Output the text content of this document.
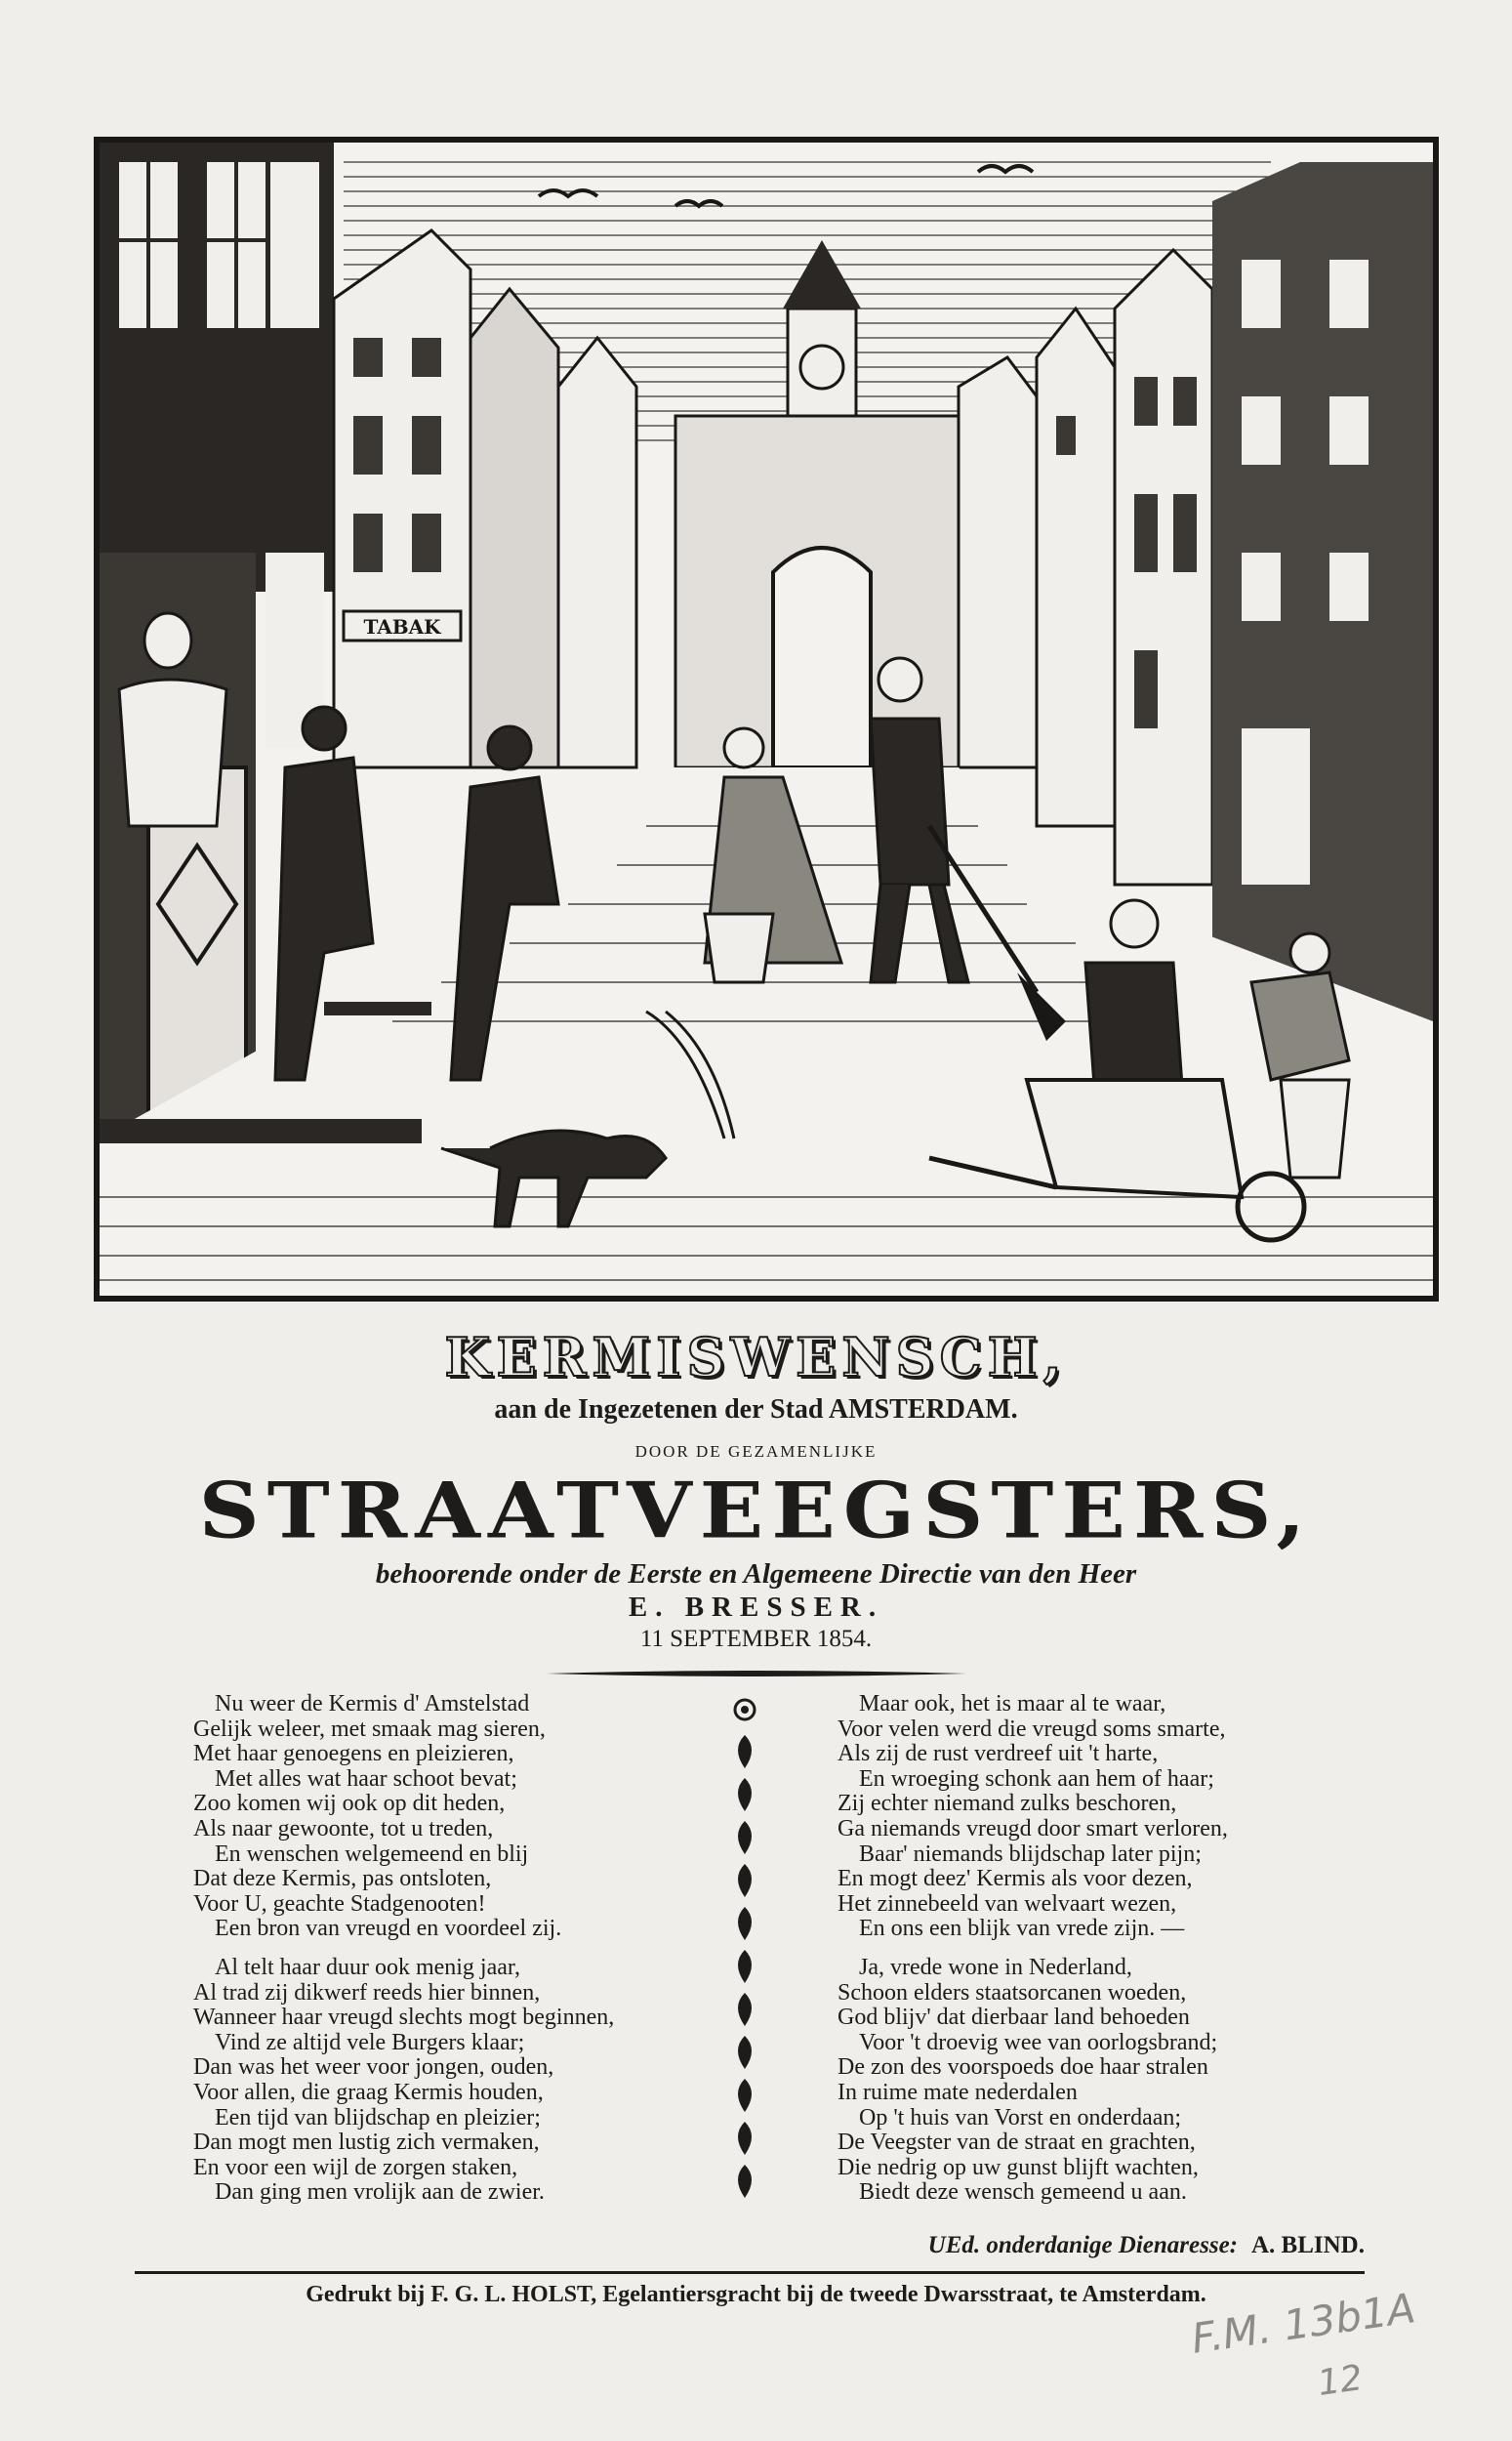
TABAK
KERMISWENSCH,
aan de Ingezetenen der Stad AMSTERDAM.
DOOR DE GEZAMENLIJKE
STRAATVEEGSTERS,
behoorende onder de Eerste en Algemeene Directie van den Heer
E. BRESSER.
11 SEPTEMBER 1854.
Nu weer de Kermis d' Amstelstad
Gelijk weleer, met smaak mag sieren,
Met haar genoegens en pleizieren,
Met alles wat haar schoot bevat;
Zoo komen wij ook op dit heden,
Als naar gewoonte, tot u treden,
En wenschen welgemeend en blij
Dat deze Kermis, pas ontsloten,
Voor U, geachte Stadgenooten!
Een bron van vreugd en voordeel zij.
Al telt haar duur ook menig jaar,
Al trad zij dikwerf reeds hier binnen,
Wanneer haar vreugd slechts mogt beginnen,
Vind ze altijd vele Burgers klaar;
Dan was het weer voor jongen, ouden,
Voor allen, die graag Kermis houden,
Een tijd van blijdschap en pleizier;
Dan mogt men lustig zich vermaken,
En voor een wijl de zorgen staken,
Dan ging men vrolijk aan de zwier.
Maar ook, het is maar al te waar,
Voor velen werd die vreugd soms smarte,
Als zij de rust verdreef uit 't harte,
En wroeging schonk aan hem of haar;
Zij echter niemand zulks beschoren,
Ga niemands vreugd door smart verloren,
Baar' niemands blijdschap later pijn;
En mogt deez' Kermis als voor dezen,
Het zinnebeeld van welvaart wezen,
En ons een blijk van vrede zijn. —
Ja, vrede wone in Nederland,
Schoon elders staatsorcanen woeden,
God blijv' dat dierbaar land behoeden
Voor 't droevig wee van oorlogsbrand;
De zon des voorspoeds doe haar stralen
In ruime mate nederdalen
Op 't huis van Vorst en onderdaan;
De Veegster van de straat en grachten,
Die nedrig op uw gunst blijft wachten,
Biedt deze wensch gemeend u aan.
UEd. onderdanige Dienaresse: A. BLIND.
Gedrukt bij F. G. L. HOLST, Egelantiersgracht bij de tweede Dwarsstraat, te Amsterdam.
F.M. 13b1A
12
